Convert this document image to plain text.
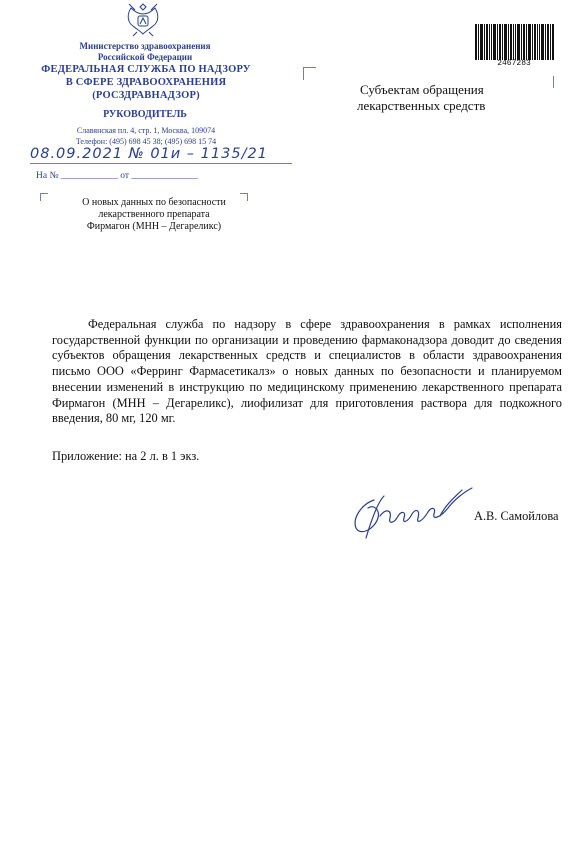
Министерство здравоохранения
Российской Федерации
ФЕДЕРАЛЬНАЯ СЛУЖБА ПО НАДЗОРУ
В СФЕРЕ ЗДРАВООХРАНЕНИЯ
(РОСЗДРАВНАДЗОР)
РУКОВОДИТЕЛЬ
Славянская пл. 4, стр. 1, Москва, 109074
Телефон: (495) 698 45 38; (495) 698 15 74
08.09.2021 № 01и – 1135/21
На № ____________ от ______________
О новых данных по безопасности
лекарственного препарата
Фирмагон (МНН – Дегареликс)
2467283
Субъектам обращения
лекарственных средств
Федеральная служба по надзору в сфере здравоохранения в рамках исполнения государственной функции по организации и проведению фармаконадзора доводит до сведения субъектов обращения лекарственных средств и специалистов в области здравоохранения письмо ООО «Ферринг Фармасетикалз» о новых данных по безопасности и планируемом внесении изменений в инструкцию по медицинскому применению лекарственного препарата Фирмагон (МНН – Дегареликс), лиофилизат для приготовления раствора для подкожного введения, 80 мг, 120 мг.
Приложение: на 2 л. в 1 экз.
А.В. Самойлова
